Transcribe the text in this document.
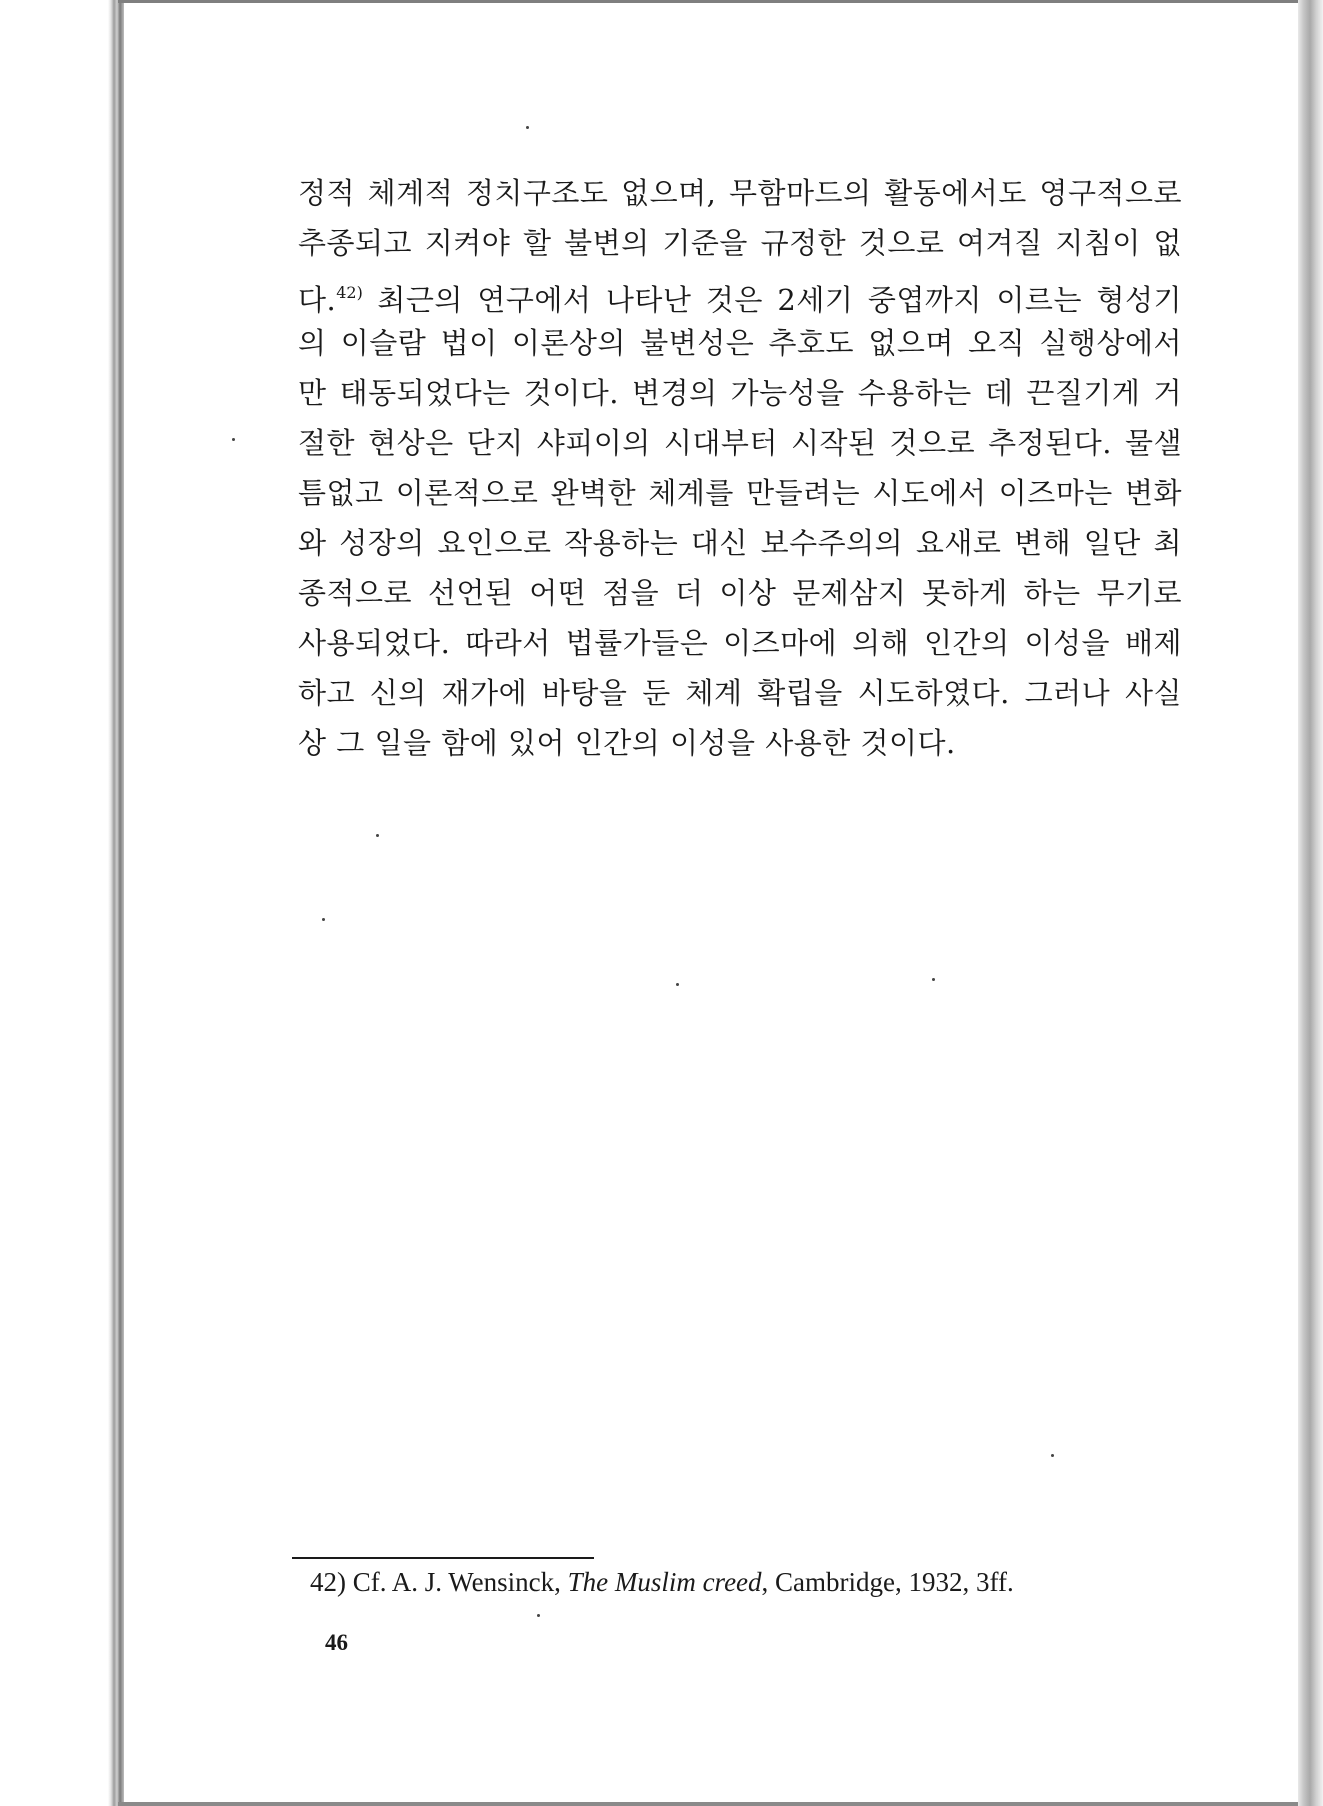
정적 체계적 정치구조도 없으며, 무함마드의 활동에서도 영구적으로
추종되고 지켜야 할 불변의 기준을 규정한 것으로 여겨질 지침이 없
다.$^{42)}$ 최근의 연구에서 나타난 것은 2세기 중엽까지 이르는 형성기
의 이슬람 법이 이론상의 불변성은 추호도 없으며 오직 실행상에서
만 태동되었다는 것이다. 변경의 가능성을 수용하는 데 끈질기게 거
절한 현상은 단지 샤피이의 시대부터 시작된 것으로 추정된다. 물샐
틈없고 이론적으로 완벽한 체계를 만들려는 시도에서 이즈마는 변화
와 성장의 요인으로 작용하는 대신 보수주의의 요새로 변해 일단 최
종적으로 선언된 어떤 점을 더 이상 문제삼지 못하게 하는 무기로
사용되었다. 따라서 법률가들은 이즈마에 의해 인간의 이성을 배제
하고 신의 재가에 바탕을 둔 체계 확립을 시도하였다. 그러나 사실
상 그 일을 함에 있어 인간의 이성을 사용한 것이다.
42) Cf. A. J. Wensinck, The Muslim creed, Cambridge, 1932, 3ff.
46
